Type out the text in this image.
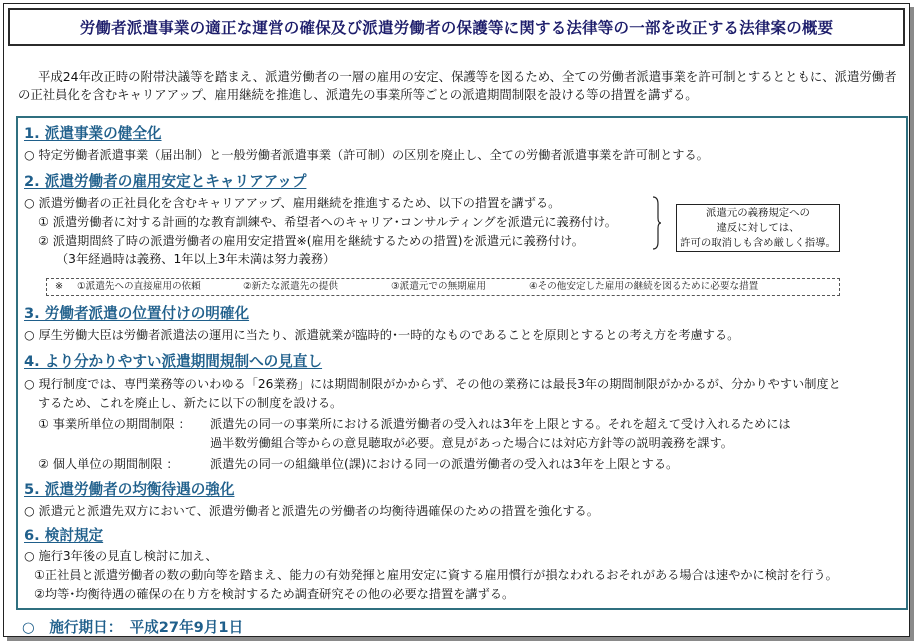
労働者派遣事業の適正な運営の確保及び派遣労働者の保護等に関する法律等の一部を改正する法律案の概要
平成24年改正時の附帯決議等を踏まえ、派遣労働者の一層の雇用の安定、保護等を図るため、全ての労働者派遣事業を許可制とするとともに、派遣労働者の正社員化を含むキャリアアップ、雇用継続を推進し、派遣先の事業所等ごとの派遣期間制限を設ける等の措置を講ずる。
1. 派遣事業の健全化
○ 特定労働者派遣事業（届出制）と一般労働者派遣事業（許可制）の区別を廃止し、全ての労働者派遣事業を許可制とする。
2. 派遣労働者の雇用安定とキャリアアップ
○ 派遣労働者の正社員化を含むキャリアアップ、雇用継続を推進するため、以下の措置を講ずる。
① 派遣労働者に対する計画的な教育訓練や、希望者へのキャリア･コンサルティングを派遣元に義務付け。
② 派遣期間終了時の派遣労働者の雇用安定措置※(雇用を継続するための措置)を派遣元に義務付け。
（3年経過時は義務、1年以上3年未満は努力義務）
派遣元の義務規定への
違反に対しては、
許可の取消しも含め厳しく指導。
※ ①派遣先への直接雇用の依頼	②新たな派遣先の提供	③派遣元での無期雇用	④その他安定した雇用の継続を図るために必要な措置
3. 労働者派遣の位置付けの明確化
○ 厚生労働大臣は労働者派遣法の運用に当たり、派遣就業が臨時的･一時的なものであることを原則とするとの考え方を考慮する。
4. より分かりやすい派遣期間規制への見直し
○ 現行制度では、専門業務等のいわゆる「26業務」には期間制限がかからず、その他の業務には最長3年の期間制限がかかるが、分かりやすい制度と
するため、これを廃止し、新たに以下の制度を設ける。
① 事業所単位の期間制限 ： 派遣先の同一の事業所における派遣労働者の受入れは3年を上限とする。それを超えて受け入れるためには
過半数労働組合等からの意見聴取が必要。意見があった場合には対応方針等の説明義務を課す。
② 個人単位の期間制限 ：	派遣先の同一の組織単位(課)における同一の派遣労働者の受入れは3年を上限とする。
5. 派遣労働者の均衡待遇の強化
○ 派遣元と派遣先双方において、派遣労働者と派遣先の労働者の均衡待遇確保のための措置を強化する。
6. 検討規定
○ 施行3年後の見直し検討に加え、
①正社員と派遣労働者の数の動向等を踏まえ、能力の有効発揮と雇用安定に資する雇用慣行が損なわれるおそれがある場合は速やかに検討を行う。
②均等･均衡待遇の確保の在り方を検討するため調査研究その他の必要な措置を講ずる。
○　施行期日：　平成27年9月1日
